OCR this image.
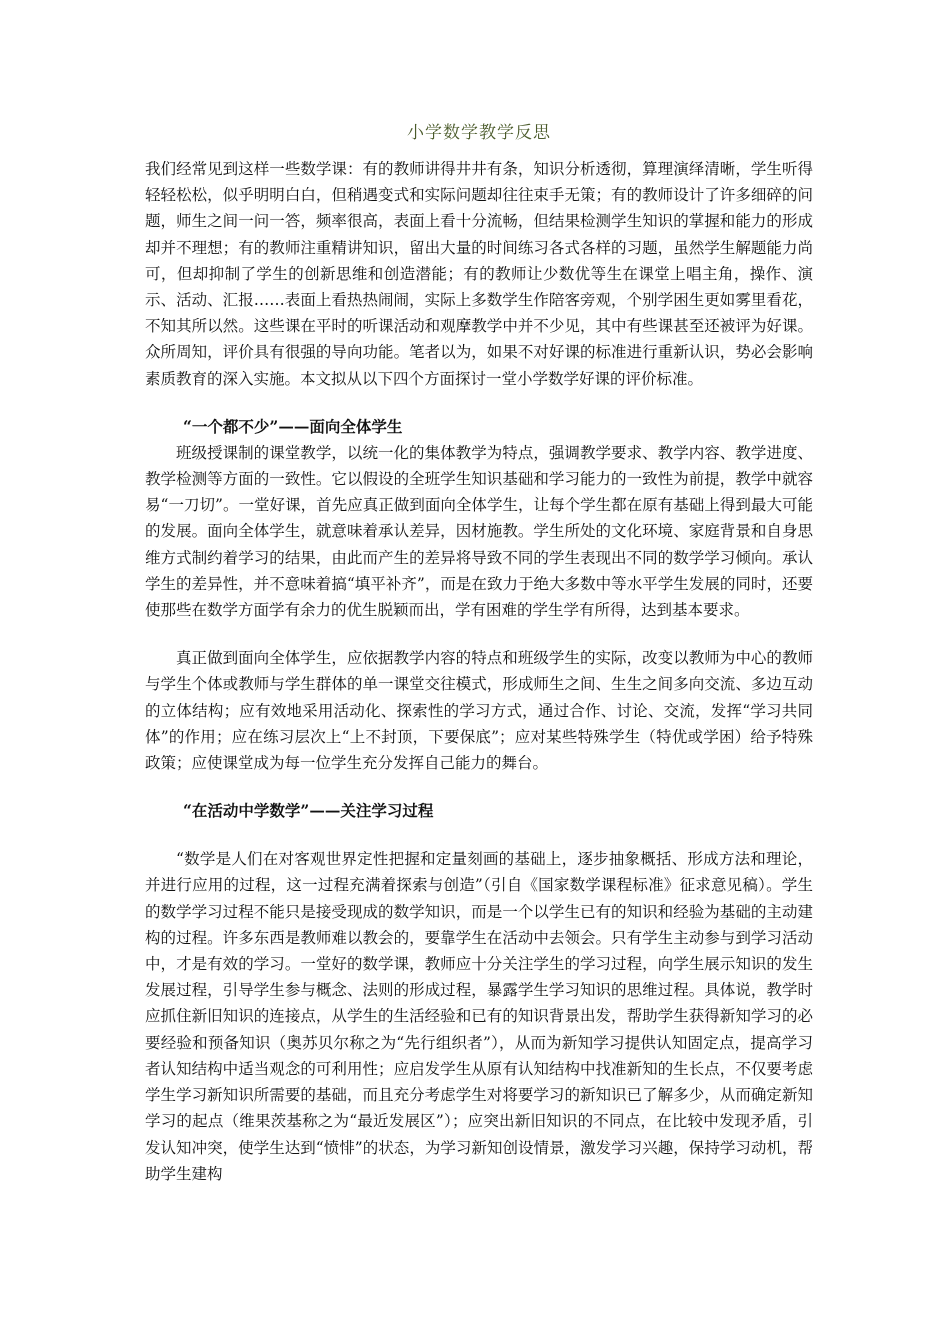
小学数学教学反思

我们经常见到这样一些数学课：有的教师讲得井井有条，知识分析透彻，算理演绎清晰，学生听得轻轻松松，似乎明明白白，但稍遇变式和实际问题却往往束手无策；有的教师设计了许多细碎的问题，师生之间一问一答，频率很高，表面上看十分流畅，但结果检测学生知识的掌握和能力的形成却并不理想；有的教师注重精讲知识，留出大量的时间练习各式各样的习题，虽然学生解题能力尚可，但却抑制了学生的创新思维和创造潜能；有的教师让少数优等生在课堂上唱主角，操作、演示、活动、汇报……表面上看热热闹闹，实际上多数学生作陪客旁观，个别学困生更如雾里看花，不知其所以然。这些课在平时的听课活动和观摩教学中并不少见，其中有些课甚至还被评为好课。众所周知，评价具有很强的导向功能。笔者以为，如果不对好课的标准进行重新认识，势必会影响素质教育的深入实施。本文拟从以下四个方面探讨一堂小学数学好课的评价标准。

“一个都不少”——面向全体学生

班级授课制的课堂教学，以统一化的集体教学为特点，强调教学要求、教学内容、教学进度、教学检测等方面的一致性。它以假设的全班学生知识基础和学习能力的一致性为前提，教学中就容易“一刀切”。一堂好课，首先应真正做到面向全体学生，让每个学生都在原有基础上得到最大可能的发展。面向全体学生，就意味着承认差异，因材施教。学生所处的文化环境、家庭背景和自身思维方式制约着学习的结果，由此而产生的差异将导致不同的学生表现出不同的数学学习倾向。承认学生的差异性，并不意味着搞“填平补齐”，而是在致力于绝大多数中等水平学生发展的同时，还要使那些在数学方面学有余力的优生脱颖而出，学有困难的学生学有所得，达到基本要求。

真正做到面向全体学生，应依据教学内容的特点和班级学生的实际，改变以教师为中心的教师与学生个体或教师与学生群体的单一课堂交往模式，形成师生之间、生生之间多向交流、多边互动的立体结构；应有效地采用活动化、探索性的学习方式，通过合作、讨论、交流，发挥“学习共同体”的作用；应在练习层次上“上不封顶，下要保底”；应对某些特殊学生（特优或学困）给予特殊政策；应使课堂成为每一位学生充分发挥自己能力的舞台。

“在活动中学数学”——关注学习过程

“数学是人们在对客观世界定性把握和定量刻画的基础上，逐步抽象概括、形成方法和理论，并进行应用的过程，这一过程充满着探索与创造”（引自《国家数学课程标准》征求意见稿）。学生的数学学习过程不能只是接受现成的数学知识，而是一个以学生已有的知识和经验为基础的主动建构的过程。许多东西是教师难以教会的，要靠学生在活动中去领会。只有学生主动参与到学习活动中，才是有效的学习。一堂好的数学课，教师应十分关注学生的学习过程，向学生展示知识的发生发展过程，引导学生参与概念、法则的形成过程，暴露学生学习知识的思维过程。具体说，教学时应抓住新旧知识的连接点，从学生的生活经验和已有的知识背景出发，帮助学生获得新知学习的必要经验和预备知识（奥苏贝尔称之为“先行组织者”），从而为新知学习提供认知固定点，提高学习者认知结构中适当观念的可利用性；应启发学生从原有认知结构中找准新知的生长点，不仅要考虑学生学习新知识所需要的基础，而且充分考虑学生对将要学习的新知识已了解多少，从而确定新知学习的起点（维果茨基称之为“最近发展区”）；应突出新旧知识的不同点，在比较中发现矛盾，引发认知冲突，使学生达到“愤悱”的状态，为学习新知创设情景，激发学习兴趣，保持学习动机，帮助学生建构
